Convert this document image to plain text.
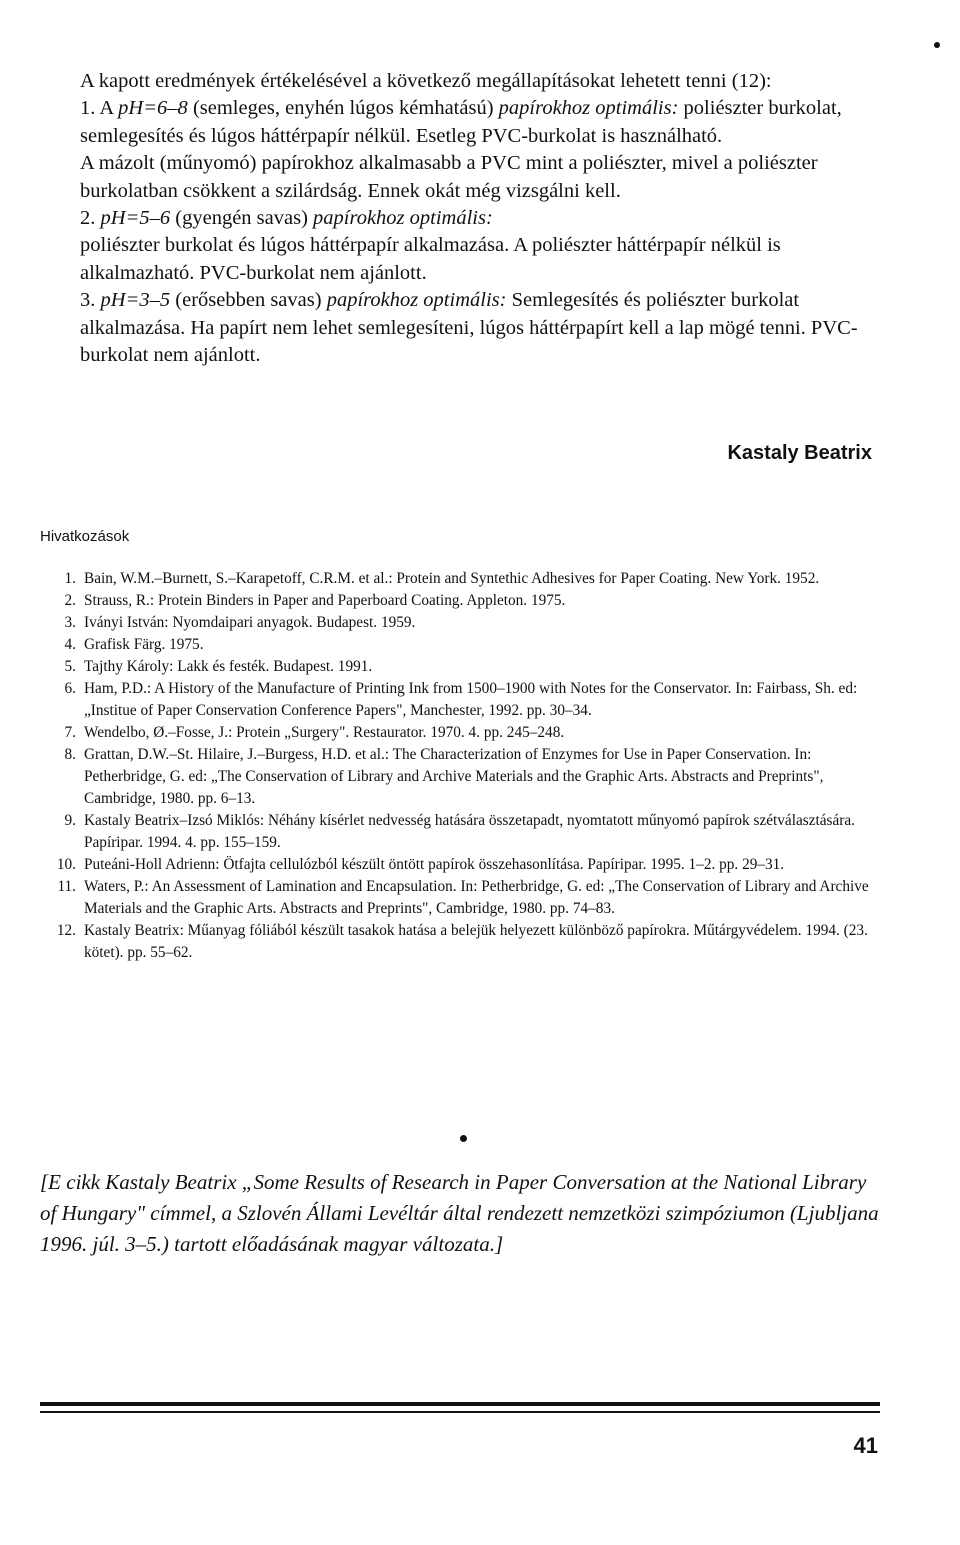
A kapott eredmények értékelésével a következő megállapításokat lehetett tenni (12):

1. A pH=6–8 (semleges, enyhén lúgos kémhatású) papírokhoz optimális: poliészter burkolat, semlegesítés és lúgos háttérpapír nélkül. Esetleg PVC-burkolat is használható.

A mázolt (műnyomó) papírokhoz alkalmasabb a PVC mint a poliészter, mivel a poliészter burkolatban csökkent a szilárdság. Ennek okát még vizsgálni kell.

2. pH=5–6 (gyengén savas) papírokhoz optimális:

poliészter burkolat és lúgos háttérpapír alkalmazása. A poliészter háttérpapír nélkül is alkalmazható. PVC-burkolat nem ajánlott.

3. pH=3–5 (erősebben savas) papírokhoz optimális: Semlegesítés és poliészter burkolat alkalmazása. Ha papírt nem lehet semlegesíteni, lúgos háttérpapírt kell a lap mögé tenni. PVC-burkolat nem ajánlott.

Kastaly Beatrix
Hivatkozások
1. Bain, W.M.–Burnett, S.–Karapetoff, C.R.M. et al.: Protein and Syntethic Adhesives for Paper Coating. New York. 1952.
2. Strauss, R.: Protein Binders in Paper and Paperboard Coating. Appleton. 1975.
3. Iványi István: Nyomdaipari anyagok. Budapest. 1959.
4. Grafisk Färg. 1975.
5. Tajthy Károly: Lakk és festék. Budapest. 1991.
6. Ham, P.D.: A History of the Manufacture of Printing Ink from 1500–1900 with Notes for the Conservator. In: Fairbass, Sh. ed: „Institue of Paper Conservation Conference Papers", Manchester, 1992. pp. 30–34.
7. Wendelbo, Ø.–Fosse, J.: Protein „Surgery". Restaurator. 1970. 4. pp. 245–248.
8. Grattan, D.W.–St. Hilaire, J.–Burgess, H.D. et al.: The Characterization of Enzymes for Use in Paper Conservation. In: Petherbridge, G. ed: „The Conservation of Library and Archive Materials and the Graphic Arts. Abstracts and Preprints", Cambridge, 1980. pp. 6–13.
9. Kastaly Beatrix–Izsó Miklós: Néhány kísérlet nedvesség hatására összetapadt, nyomtatott műnyomó papírok szétválasztására. Papíripar. 1994. 4. pp. 155–159.
10. Puteáni-Holl Adrienn: Ötfajta cellulózból készült öntött papírok összehasonlítása. Papíripar. 1995. 1–2. pp. 29–31.
11. Waters, P.: An Assessment of Lamination and Encapsulation. In: Petherbridge, G. ed: „The Conservation of Library and Archive Materials and the Graphic Arts. Abstracts and Preprints", Cambridge, 1980. pp. 74–83.
12. Kastaly Beatrix: Műanyag fóliából készült tasakok hatása a belejük helyezett különböző papírokra. Műtárgyvédelem. 1994. (23. kötet). pp. 55–62.
[E cikk Kastaly Beatrix „Some Results of Research in Paper Conversation at the National Library of Hungary" címmel, a Szlovén Állami Levéltár által rendezett nemzetközi szimpóziumon (Ljubljana 1996. júl. 3–5.) tartott előadásának magyar változata.]
41
